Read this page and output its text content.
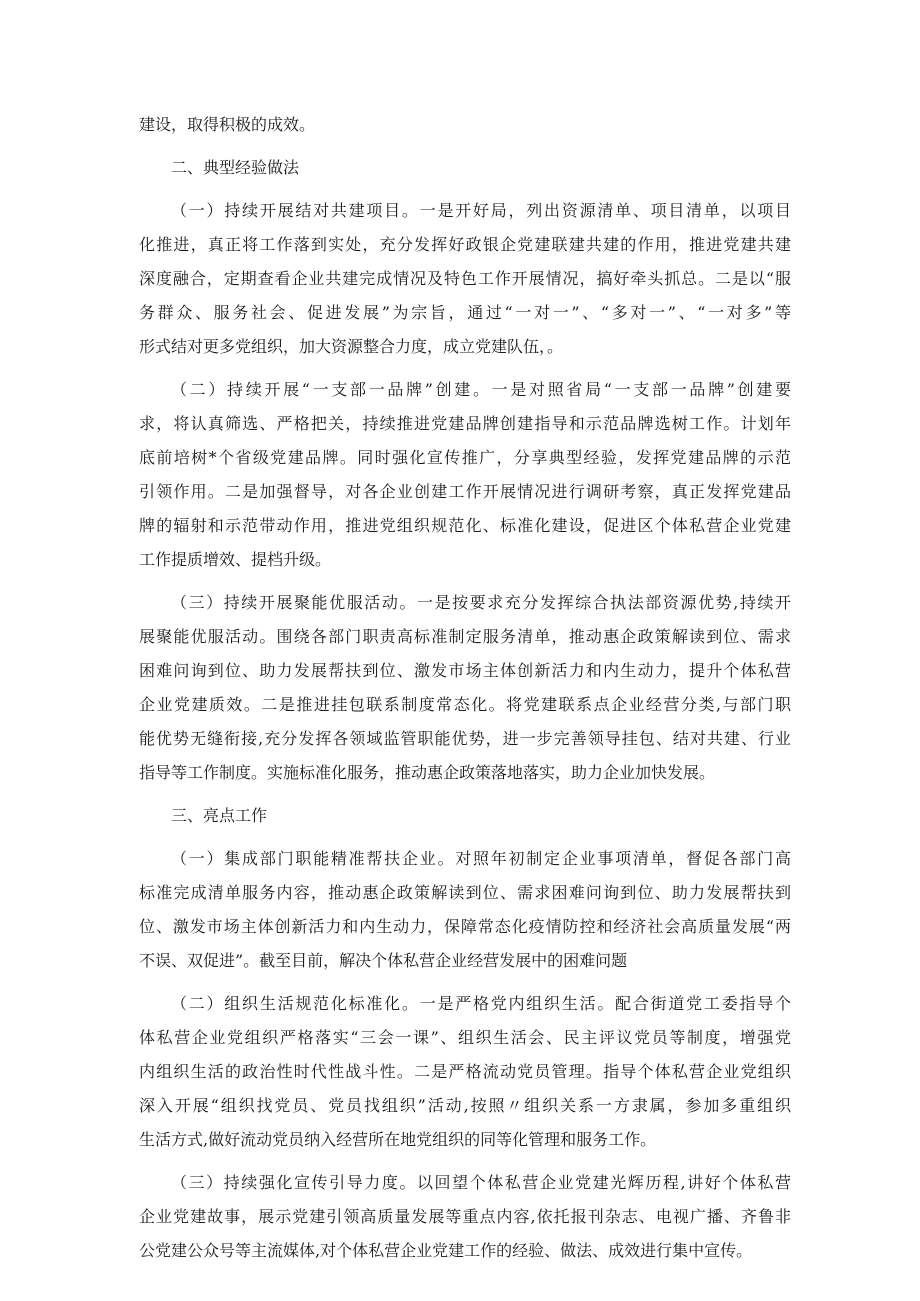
建设，取得积极的成效。
二、典型经验做法
（一）持续开展结对共建项目。一是开好局，列出资源清单、项目清单，以项目
化推进，真正将工作落到实处，充分发挥好政银企党建联建共建的作用，推进党建共建
深度融合，定期查看企业共建完成情况及特色工作开展情况，搞好牵头抓总。二是以“服
务群众、服务社会、促进发展”为宗旨，通过“一对一”、“多对一”、“一对多”等
形式结对更多党组织，加大资源整合力度，成立党建队伍，。
（二）持续开展“一支部一品牌”创建。一是对照省局“一支部一品牌”创建要
求，将认真筛选、严格把关，持续推进党建品牌创建指导和示范品牌选树工作。计划年
底前培树*个省级党建品牌。同时强化宣传推广，分享典型经验，发挥党建品牌的示范
引领作用。二是加强督导，对各企业创建工作开展情况进行调研考察，真正发挥党建品
牌的辐射和示范带动作用，推进党组织规范化、标准化建设，促进区个体私营企业党建
工作提质增效、提档升级。
（三）持续开展聚能优服活动。一是按要求充分发挥综合执法部资源优势,持续开
展聚能优服活动。围绕各部门职责高标准制定服务清单，推动惠企政策解读到位、需求
困难问询到位、助力发展帮扶到位、激发市场主体创新活力和内生动力，提升个体私营
企业党建质效。二是推进挂包联系制度常态化。将党建联系点企业经营分类,与部门职
能优势无缝衔接,充分发挥各领域监管职能优势，进一步完善领导挂包、结对共建、行业
指导等工作制度。实施标准化服务，推动惠企政策落地落实，助力企业加快发展。
三、亮点工作
（一）集成部门职能精准帮扶企业。对照年初制定企业事项清单，督促各部门高
标准完成清单服务内容，推动惠企政策解读到位、需求困难问询到位、助力发展帮扶到
位、激发市场主体创新活力和内生动力，保障常态化疫情防控和经济社会高质量发展“两
不误、双促进”。截至目前，解决个体私营企业经营发展中的困难问题
（二）组织生活规范化标准化。一是严格党内组织生活。配合街道党工委指导个
体私营企业党组织严格落实“三会一课”、组织生活会、民主评议党员等制度，增强党
内组织生活的政治性时代性战斗性。二是严格流动党员管理。指导个体私营企业党组织
深入开展“组织找党员、党员找组织”活动,按照〃组织关系一方隶属，参加多重组织
生活方式,做好流动党员纳入经营所在地党组织的同等化管理和服务工作。
（三）持续强化宣传引导力度。以回望个体私营企业党建光辉历程,讲好个体私营
企业党建故事，展示党建引领高质量发展等重点内容,依托报刊杂志、电视广播、齐鲁非
公党建公众号等主流媒体,对个体私营企业党建工作的经验、做法、成效进行集中宣传。
